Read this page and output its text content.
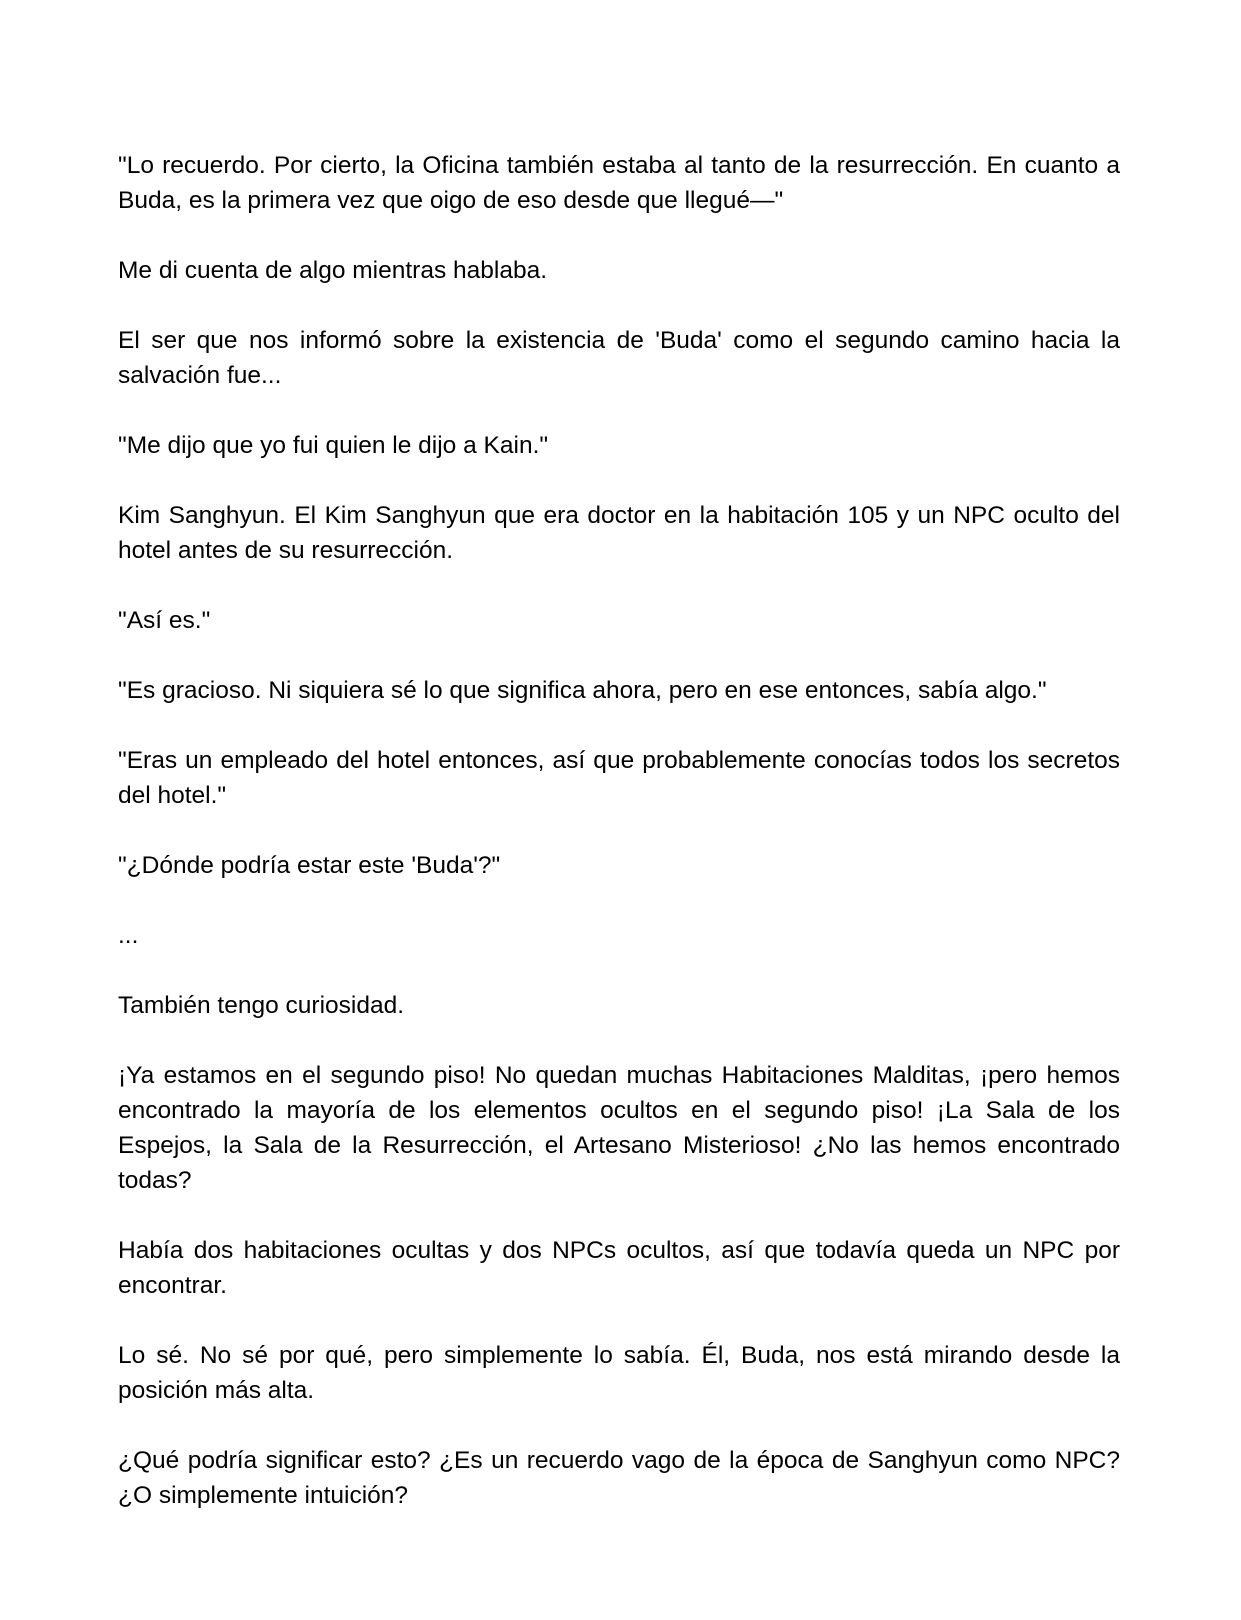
"Lo recuerdo. Por cierto, la Oficina también estaba al tanto de la resurrección. En cuanto a Buda, es la primera vez que oigo de eso desde que llegué—"

Me di cuenta de algo mientras hablaba.

El ser que nos informó sobre la existencia de 'Buda' como el segundo camino hacia la salvación fue...

"Me dijo que yo fui quien le dijo a Kain."

Kim Sanghyun. El Kim Sanghyun que era doctor en la habitación 105 y un NPC oculto del hotel antes de su resurrección.

"Así es."

"Es gracioso. Ni siquiera sé lo que significa ahora, pero en ese entonces, sabía algo."

"Eras un empleado del hotel entonces, así que probablemente conocías todos los secretos del hotel."

"¿Dónde podría estar este 'Buda'?"

...

También tengo curiosidad.

¡Ya estamos en el segundo piso! No quedan muchas Habitaciones Malditas, ¡pero hemos encontrado la mayoría de los elementos ocultos en el segundo piso! ¡La Sala de los Espejos, la Sala de la Resurrección, el Artesano Misterioso! ¿No las hemos encontrado todas?

Había dos habitaciones ocultas y dos NPCs ocultos, así que todavía queda un NPC por encontrar.

Lo sé. No sé por qué, pero simplemente lo sabía. Él, Buda, nos está mirando desde la posición más alta.

¿Qué podría significar esto? ¿Es un recuerdo vago de la época de Sanghyun como NPC? ¿O simplemente intuición?
